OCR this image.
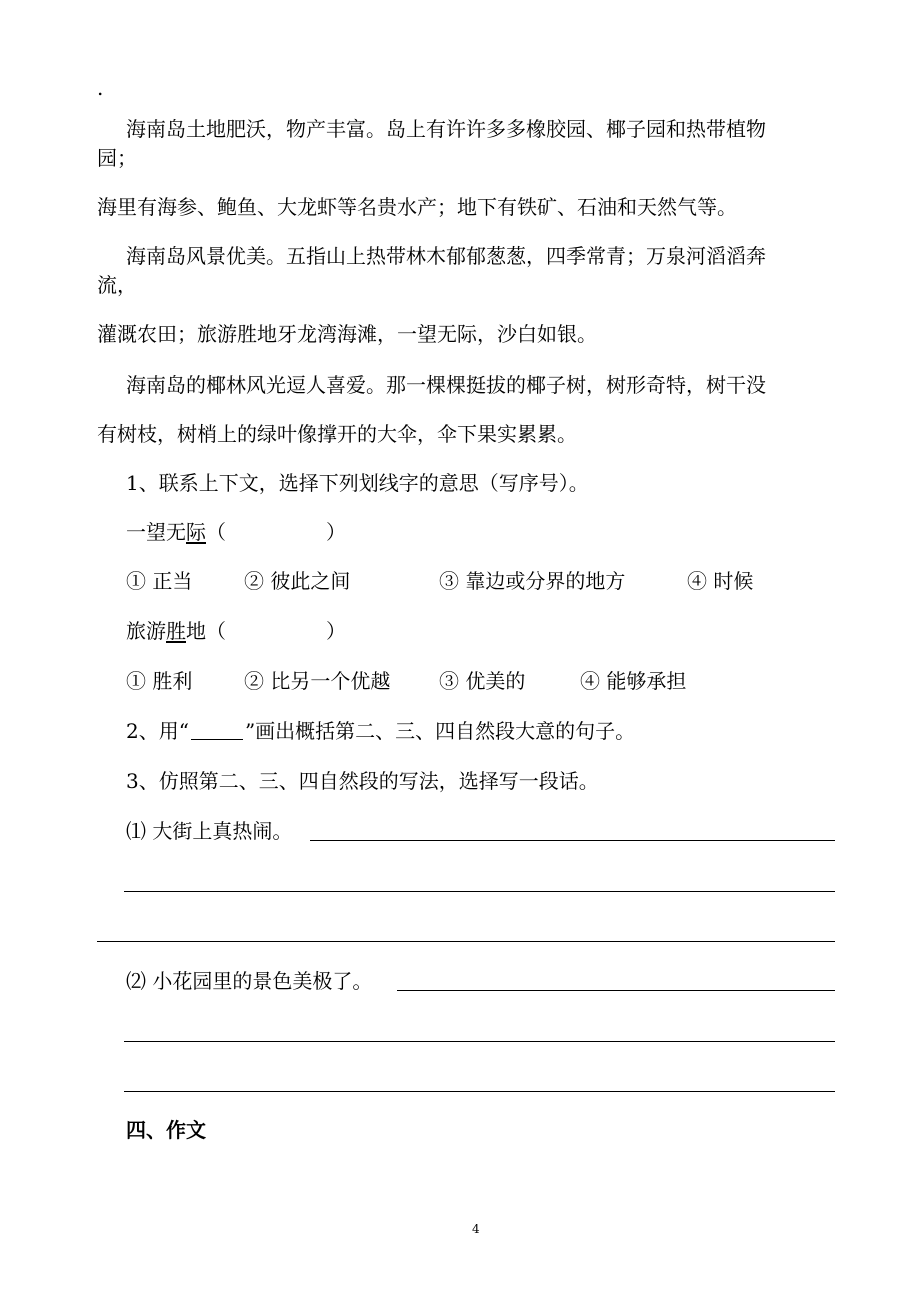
.
海南岛土地肥沃，物产丰富。岛上有许许多多橡胶园、椰子园和热带植物
园；
海里有海参、鲍鱼、大龙虾等名贵水产；地下有铁矿、石油和天然气等。
海南岛风景优美。五指山上热带林木郁郁葱葱，四季常青；万泉河滔滔奔
流，
灌溉农田；旅游胜地牙龙湾海滩，一望无际，沙白如银。
海南岛的椰林风光逗人喜爱。那一棵棵挺拔的椰子树，树形奇特，树干没
有树枝，树梢上的绿叶像撑开的大伞，伞下果实累累。
1、联系上下文，选择下列划线字的意思（写序号）。
一望无际（　　　　　）
① 正当	② 彼此之间	③ 靠边或分界的地方	④ 时候
旅游胜地（　　　　　）
① 胜利	② 比另一个优越 ③ 优美的	④ 能够承担
2、用“	”画出概括第二、三、四自然段大意的句子。
3、仿照第二、三、四自然段的写法，选择写一段话。
⑴ 大街上真热闹。
⑵ 小花园里的景色美极了。
四、作文
4
